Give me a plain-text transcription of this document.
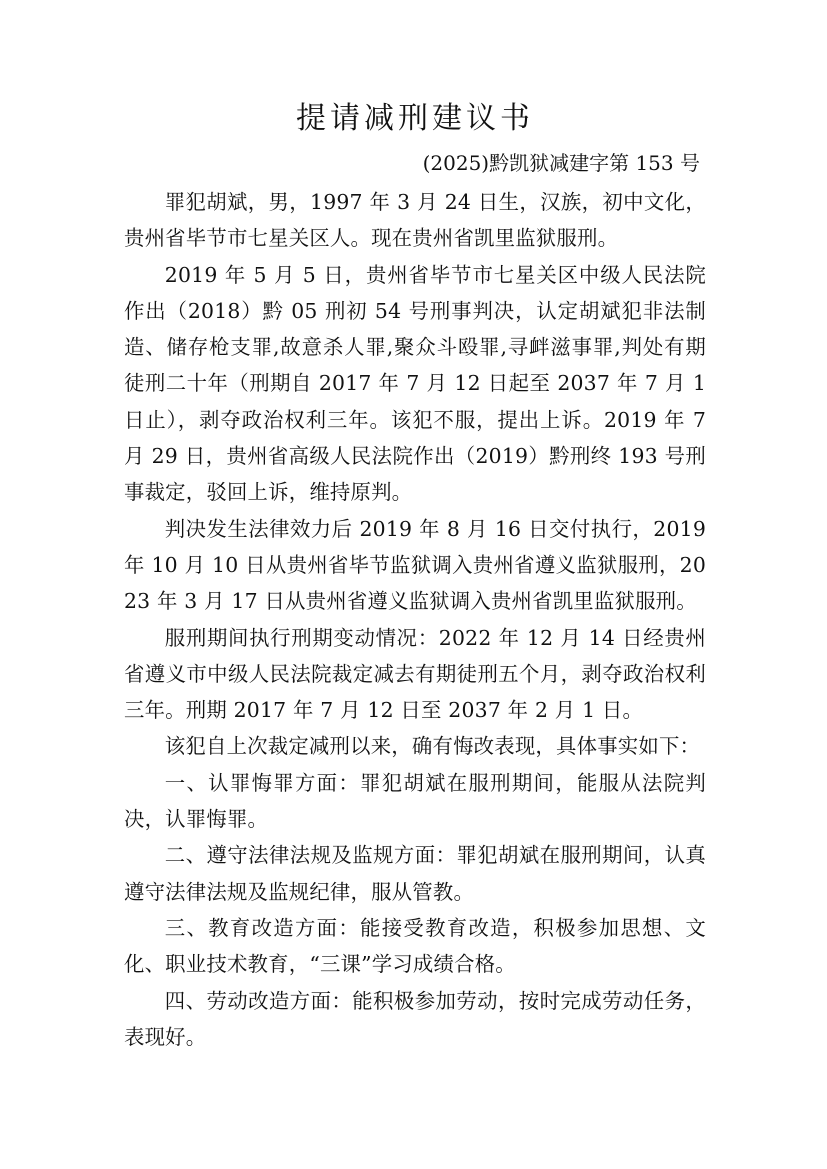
提请减刑建议书
(2025)黔凯狱减建字第 153 号

罪犯胡斌，男，1997 年 3 月 24 日生，汉族，初中文化，贵州省毕节市七星关区人。现在贵州省凯里监狱服刑。

2019 年 5 月 5 日，贵州省毕节市七星关区中级人民法院作出（2018）黔 05 刑初 54 号刑事判决，认定胡斌犯非法制造、储存枪支罪,故意杀人罪,聚众斗殴罪,寻衅滋事罪,判处有期徒刑二十年（刑期自 2017 年 7 月 12 日起至 2037 年 7 月 1 日止），剥夺政治权利三年。该犯不服，提出上诉。2019 年 7 月 29 日，贵州省高级人民法院作出（2019）黔刑终 193 号刑事裁定，驳回上诉，维持原判。

判决发生法律效力后 2019 年 8 月 16 日交付执行，2019 年 10 月 10 日从贵州省毕节监狱调入贵州省遵义监狱服刑，2023 年 3 月 17 日从贵州省遵义监狱调入贵州省凯里监狱服刑。

服刑期间执行刑期变动情况：2022 年 12 月 14 日经贵州省遵义市中级人民法院裁定减去有期徒刑五个月，剥夺政治权利三年。刑期 2017 年 7 月 12 日至 2037 年 2 月 1 日。

该犯自上次裁定减刑以来，确有悔改表现，具体事实如下：

一、认罪悔罪方面：罪犯胡斌在服刑期间，能服从法院判决，认罪悔罪。

二、遵守法律法规及监规方面：罪犯胡斌在服刑期间，认真遵守法律法规及监规纪律，服从管教。

三、教育改造方面：能接受教育改造，积极参加思想、文化、职业技术教育，“三课”学习成绩合格。

四、劳动改造方面：能积极参加劳动，按时完成劳动任务，表现好。
